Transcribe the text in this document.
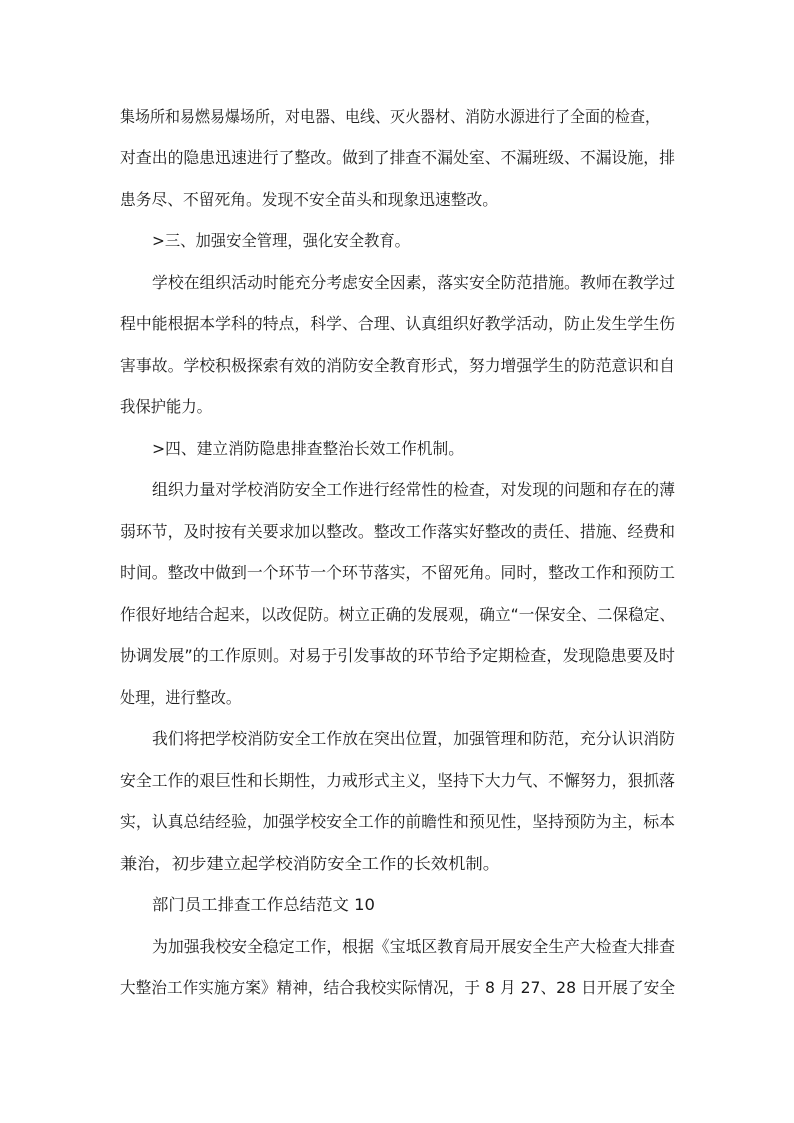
集场所和易燃易爆场所，对电器、电线、灭火器材、消防水源进行了全面的检查，
对查出的隐患迅速进行了整改。做到了排查不漏处室、不漏班级、不漏设施，排
患务尽、不留死角。发现不安全苗头和现象迅速整改。
>三、加强安全管理，强化安全教育。
学校在组织活动时能充分考虑安全因素，落实安全防范措施。教师在教学过
程中能根据本学科的特点，科学、合理、认真组织好教学活动，防止发生学生伤
害事故。学校积极探索有效的消防安全教育形式，努力增强学生的防范意识和自
我保护能力。
>四、建立消防隐患排查整治长效工作机制。
组织力量对学校消防安全工作进行经常性的检查，对发现的问题和存在的薄
弱环节，及时按有关要求加以整改。整改工作落实好整改的责任、措施、经费和
时间。整改中做到一个环节一个环节落实，不留死角。同时，整改工作和预防工
作很好地结合起来，以改促防。树立正确的发展观，确立“一保安全、二保稳定、
协调发展”的工作原则。对易于引发事故的环节给予定期检查，发现隐患要及时
处理，进行整改。
我们将把学校消防安全工作放在突出位置，加强管理和防范，充分认识消防
安全工作的艰巨性和长期性，力戒形式主义，坚持下大力气、不懈努力，狠抓落
实，认真总结经验，加强学校安全工作的前瞻性和预见性，坚持预防为主，标本
兼治，初步建立起学校消防安全工作的长效机制。
部门员工排查工作总结范文 10
为加强我校安全稳定工作，根据《宝坻区教育局开展安全生产大检查大排查
大整治工作实施方案》精神，结合我校实际情况，于 8 月 27、28 日开展了安全
